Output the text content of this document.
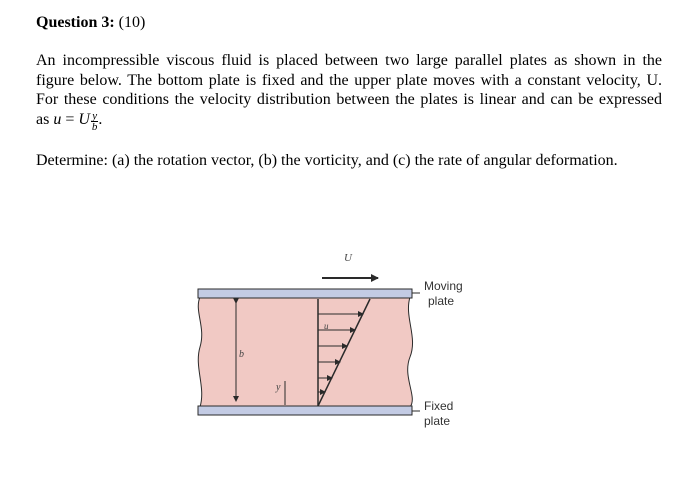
Question 3: (10)
An incompressible viscous fluid is placed between two large parallel plates as shown in the
figure below. The bottom plate is fixed and the upper plate moves with a constant velocity, U.
For these conditions the velocity distribution between the plates is linear and can be expressed
as u = U $\frac{y}{b}$ .
Determine: (a) the rotation vector, (b) the vorticity, and (c) the rate of angular deformation.
U
b
y
u
Moving
plate
Fixed
plate
